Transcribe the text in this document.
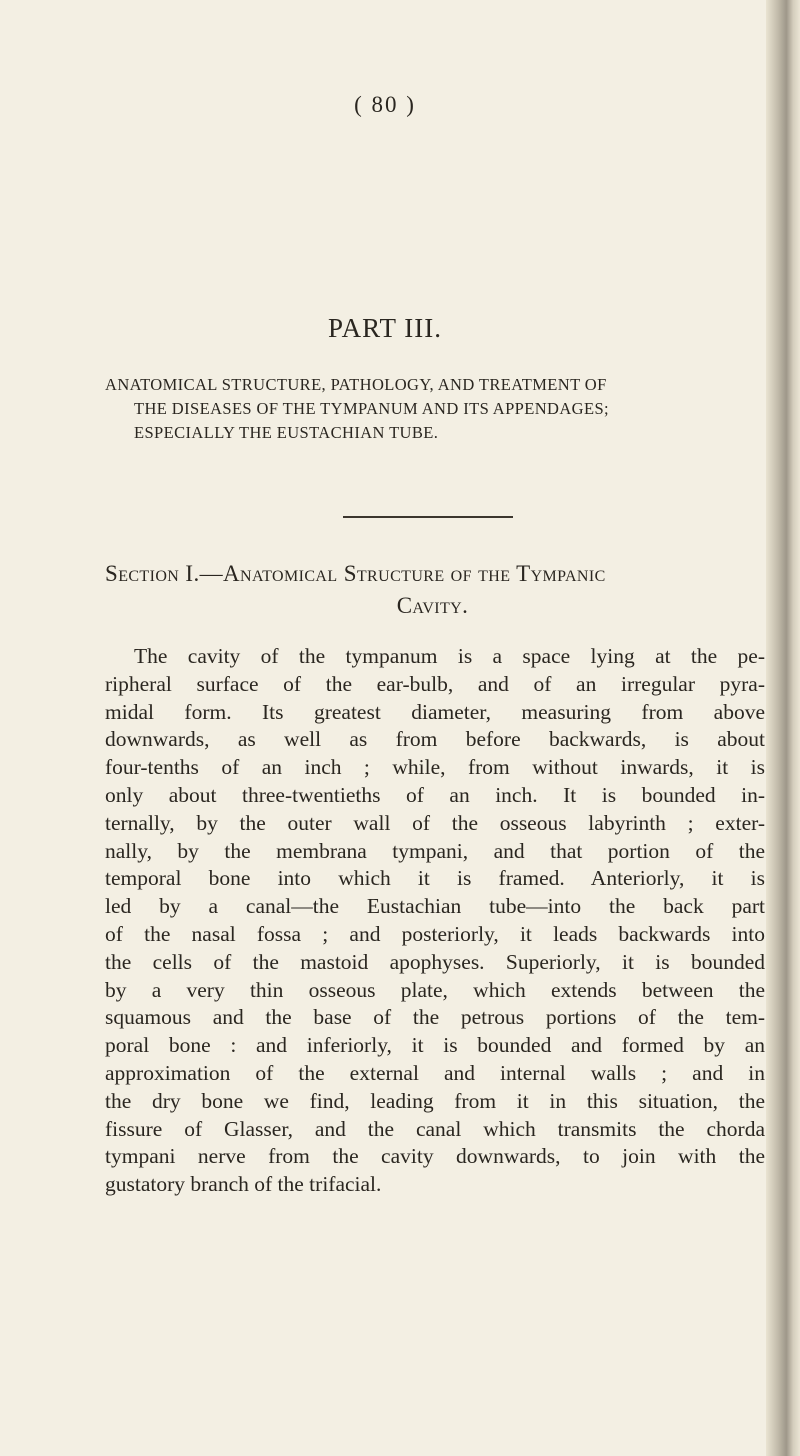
( 80 )
PART III.
ANATOMICAL STRUCTURE, PATHOLOGY, AND TREATMENT OF
THE DISEASES OF THE TYMPANUM AND ITS APPENDAGES;
ESPECIALLY THE EUSTACHIAN TUBE.
Section I.—Anatomical Structure of the Tympanic
Cavity.
The cavity of the tympanum is a space lying at the pe-
ripheral surface of the ear-bulb, and of an irregular pyra-
midal form. Its greatest diameter, measuring from above
downwards, as well as from before backwards, is about
four-tenths of an inch ; while, from without inwards, it is
only about three-twentieths of an inch. It is bounded in-
ternally, by the outer wall of the osseous labyrinth ; exter-
nally, by the membrana tympani, and that portion of the
temporal bone into which it is framed. Anteriorly, it is
led by a canal—the Eustachian tube—into the back part
of the nasal fossa ; and posteriorly, it leads backwards into
the cells of the mastoid apophyses. Superiorly, it is bounded
by a very thin osseous plate, which extends between the
squamous and the base of the petrous portions of the tem-
poral bone : and inferiorly, it is bounded and formed by an
approximation of the external and internal walls ; and in
the dry bone we find, leading from it in this situation, the
fissure of Glasser, and the canal which transmits the chorda
tympani nerve from the cavity downwards, to join with the
gustatory branch of the trifacial.
